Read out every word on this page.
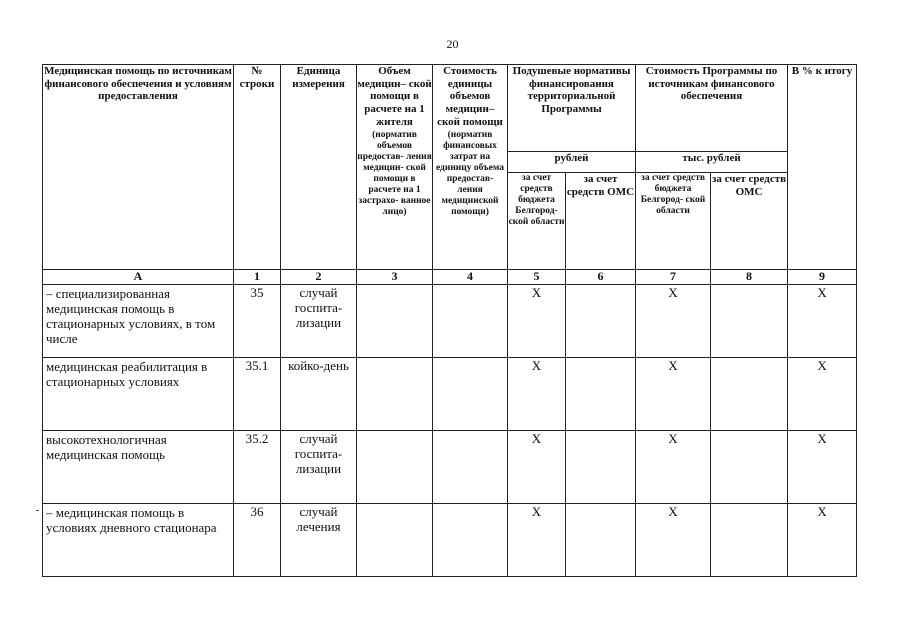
20
Медицинская помощь по источникам финансового обеспечения и условиям предоставления	№ строки	Единица измерения	Объем медицин– ской помощи в расчете на 1 жителя
(норматив объемов предостав- ления медицин- ской помощи в расчете на 1 застрахо- ванное лицо)	Стоимость единицы объемов медицин– ской помощи
(норматив финансовых затрат на единицу объема предостав- ления медицинской помощи)	Подушевые нормативы финансирования территориальной Программы		Стоимость Программы по источникам финансового обеспечения		В % к итогу
					рублей		тыс. рублей		
					за счет средств бюджета Белгород- ской области	за счет средств ОМС	за счет средств бюджета Белгород- ской области	за счет средств ОМС	
А	1	2	3	4	5	6	7	8	9
– специализированная медицинская помощь в стационарных условиях, в том числе	35	случай госпита- лизации			Х		Х		Х
медицинская реабилитация в стационарных условиях	35.1	койко-день			Х		Х		Х
высокотехнологичная медицинская помощь	35.2	случай госпита- лизации			Х		Х		Х
– медицинская помощь в условиях дневного стационара	36	случай лечения			Х		Х		Х
